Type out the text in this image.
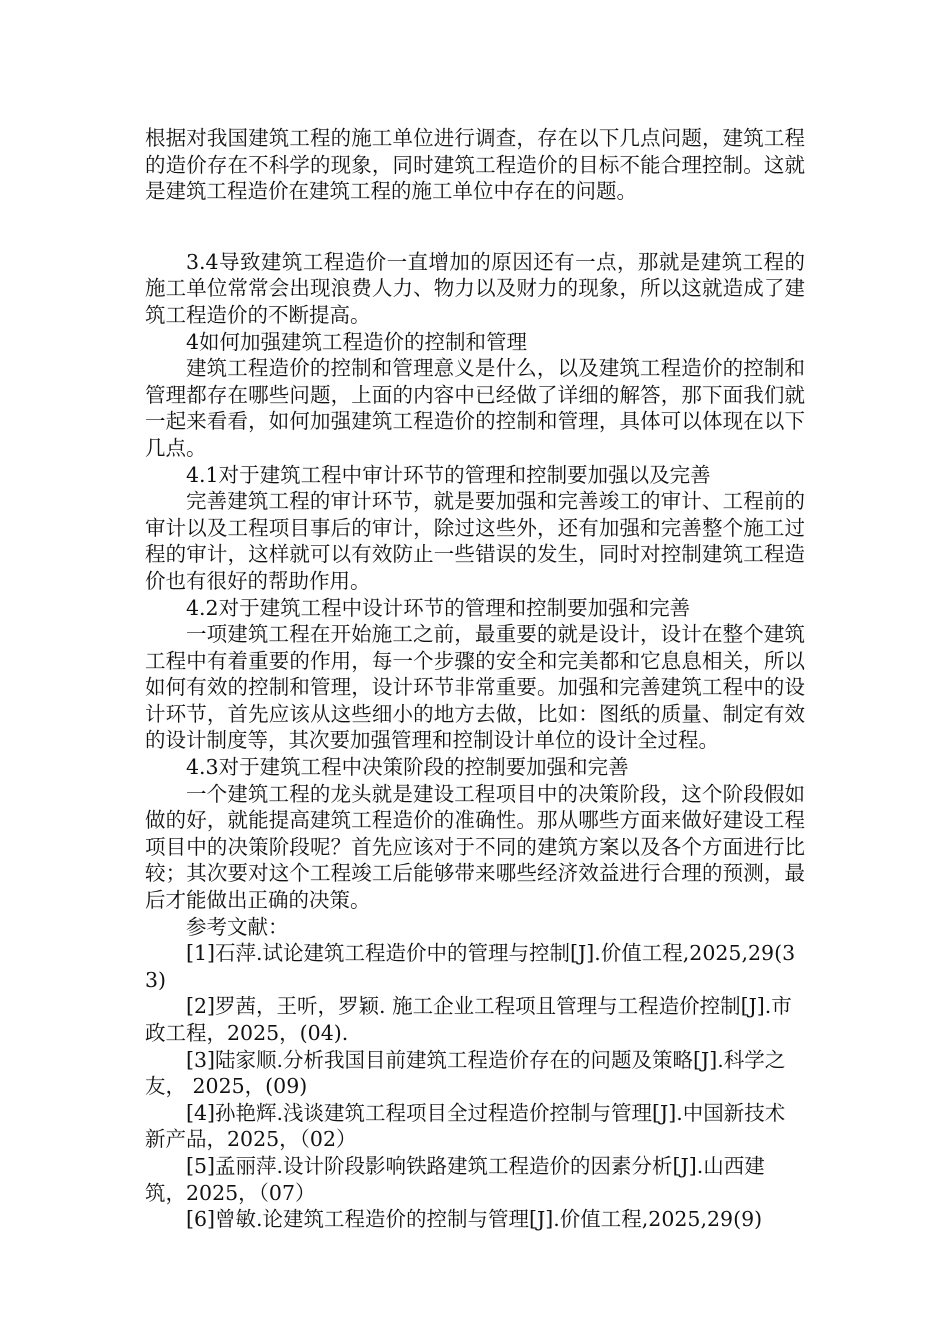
根据对我国建筑工程的施工单位进行调查，存在以下几点问题，建筑工程的造价存在不科学的现象，同时建筑工程造价的目标不能合理控制。这就是建筑工程造价在建筑工程的施工单位中存在的问题。

3.4导致建筑工程造价一直增加的原因还有一点，那就是建筑工程的施工单位常常会出现浪费人力、物力以及财力的现象，所以这就造成了建筑工程造价的不断提高。

4如何加强建筑工程造价的控制和管理

建筑工程造价的控制和管理意义是什么，以及建筑工程造价的控制和管理都存在哪些问题，上面的内容中已经做了详细的解答，那下面我们就一起来看看，如何加强建筑工程造价的控制和管理，具体可以体现在以下几点。

4.1对于建筑工程中审计环节的管理和控制要加强以及完善

完善建筑工程的审计环节，就是要加强和完善竣工的审计、工程前的审计以及工程项目事后的审计，除过这些外，还有加强和完善整个施工过程的审计，这样就可以有效防止一些错误的发生，同时对控制建筑工程造价也有很好的帮助作用。

4.2对于建筑工程中设计环节的管理和控制要加强和完善

一项建筑工程在开始施工之前，最重要的就是设计，设计在整个建筑工程中有着重要的作用，每一个步骤的安全和完美都和它息息相关，所以如何有效的控制和管理，设计环节非常重要。加强和完善建筑工程中的设计环节，首先应该从这些细小的地方去做，比如：图纸的质量、制定有效的设计制度等，其次要加强管理和控制设计单位的设计全过程。

4.3对于建筑工程中决策阶段的控制要加强和完善

一个建筑工程的龙头就是建设工程项目中的决策阶段，这个阶段假如做的好，就能提高建筑工程造价的准确性。那从哪些方面来做好建设工程项目中的决策阶段呢？首先应该对于不同的建筑方案以及各个方面进行比较；其次要对这个工程竣工后能够带来哪些经济效益进行合理的预测，最后才能做出正确的决策。

参考文献：

[1]石萍.试论建筑工程造价中的管理与控制[J].价值工程,2025,29(33)

[2]罗茜，王听，罗颖. 施工企业工程项且管理与工程造价控制[J].市政工程，2025，(04).

[3]陆家顺.分析我国目前建筑工程造价存在的问题及策略[J].科学之友， 2025，(09)

[4]孙艳辉.浅谈建筑工程项目全过程造价控制与管理[J].中国新技术新产品，2025，（02）

[5]孟丽萍.设计阶段影响铁路建筑工程造价的因素分析[J].山西建筑，2025，（07）

[6]曾敏.论建筑工程造价的控制与管理[J].价值工程,2025,29(9)
